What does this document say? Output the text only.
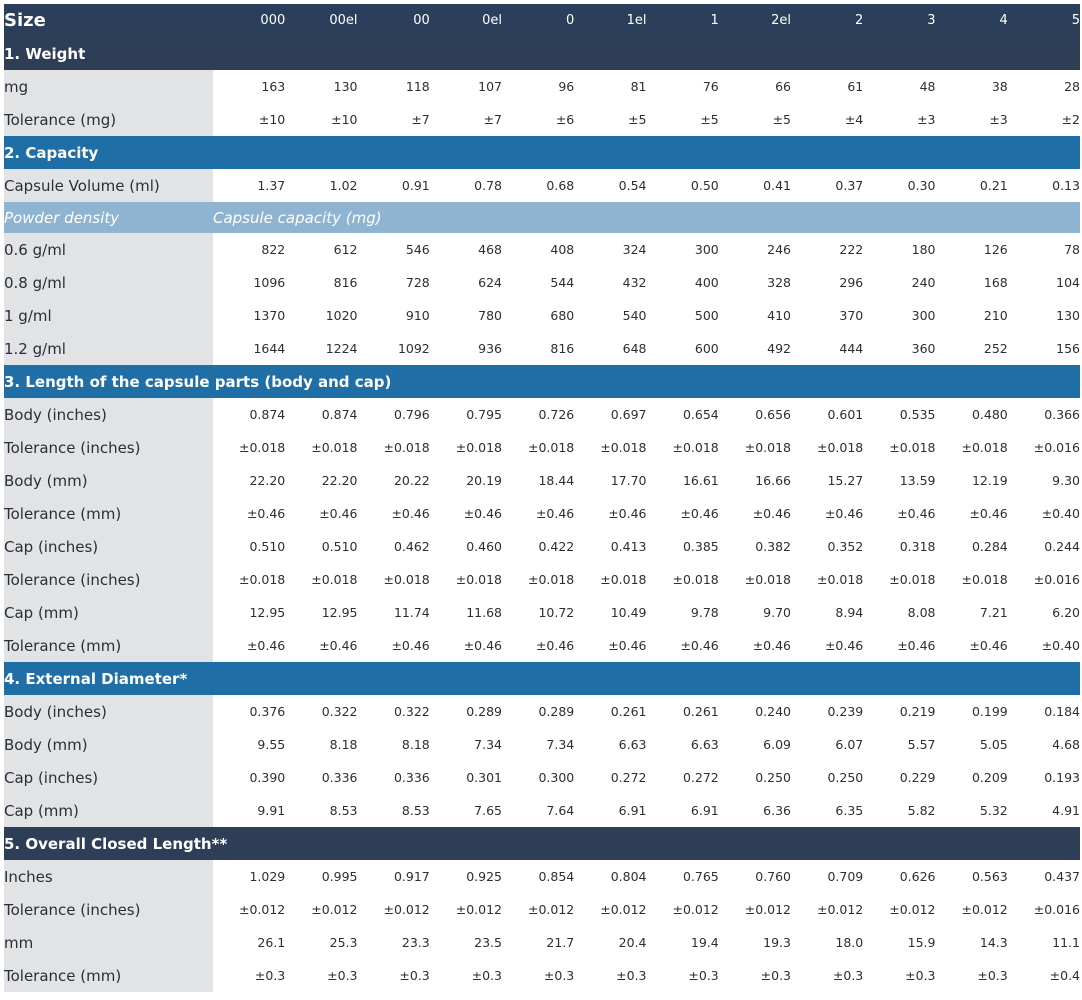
Size	000	00el	00	0el	0	1el	1	2el	2	3	4	5
1. Weight												
mg	163	130	118	107	96	81	76	66	61	48	38	28
Tolerance (mg)	±10	±10	±7	±7	±6	±5	±5	±5	±4	±3	±3	±2
2. Capacity												
Capsule Volume (ml)	1.37	1.02	0.91	0.78	0.68	0.54	0.50	0.41	0.37	0.30	0.21	0.13
Powder density	Capsule capacity (mg)											
0.6 g/ml	822	612	546	468	408	324	300	246	222	180	126	78
0.8 g/ml	1096	816	728	624	544	432	400	328	296	240	168	104
1 g/ml	1370	1020	910	780	680	540	500	410	370	300	210	130
1.2 g/ml	1644	1224	1092	936	816	648	600	492	444	360	252	156
3. Length of the capsule parts (body and cap)												
Body (inches)	0.874	0.874	0.796	0.795	0.726	0.697	0.654	0.656	0.601	0.535	0.480	0.366
Tolerance (inches)	±0.018	±0.018	±0.018	±0.018	±0.018	±0.018	±0.018	±0.018	±0.018	±0.018	±0.018	±0.016
Body (mm)	22.20	22.20	20.22	20.19	18.44	17.70	16.61	16.66	15.27	13.59	12.19	9.30
Tolerance (mm)	±0.46	±0.46	±0.46	±0.46	±0.46	±0.46	±0.46	±0.46	±0.46	±0.46	±0.46	±0.40
Cap (inches)	0.510	0.510	0.462	0.460	0.422	0.413	0.385	0.382	0.352	0.318	0.284	0.244
Tolerance (inches)	±0.018	±0.018	±0.018	±0.018	±0.018	±0.018	±0.018	±0.018	±0.018	±0.018	±0.018	±0.016
Cap (mm)	12.95	12.95	11.74	11.68	10.72	10.49	9.78	9.70	8.94	8.08	7.21	6.20
Tolerance (mm)	±0.46	±0.46	±0.46	±0.46	±0.46	±0.46	±0.46	±0.46	±0.46	±0.46	±0.46	±0.40
4. External Diameter*												
Body (inches)	0.376	0.322	0.322	0.289	0.289	0.261	0.261	0.240	0.239	0.219	0.199	0.184
Body (mm)	9.55	8.18	8.18	7.34	7.34	6.63	6.63	6.09	6.07	5.57	5.05	4.68
Cap (inches)	0.390	0.336	0.336	0.301	0.300	0.272	0.272	0.250	0.250	0.229	0.209	0.193
Cap (mm)	9.91	8.53	8.53	7.65	7.64	6.91	6.91	6.36	6.35	5.82	5.32	4.91
5. Overall Closed Length**												
Inches	1.029	0.995	0.917	0.925	0.854	0.804	0.765	0.760	0.709	0.626	0.563	0.437
Tolerance (inches)	±0.012	±0.012	±0.012	±0.012	±0.012	±0.012	±0.012	±0.012	±0.012	±0.012	±0.012	±0.016
mm	26.1	25.3	23.3	23.5	21.7	20.4	19.4	19.3	18.0	15.9	14.3	11.1
Tolerance (mm)	±0.3	±0.3	±0.3	±0.3	±0.3	±0.3	±0.3	±0.3	±0.3	±0.3	±0.3	±0.4
